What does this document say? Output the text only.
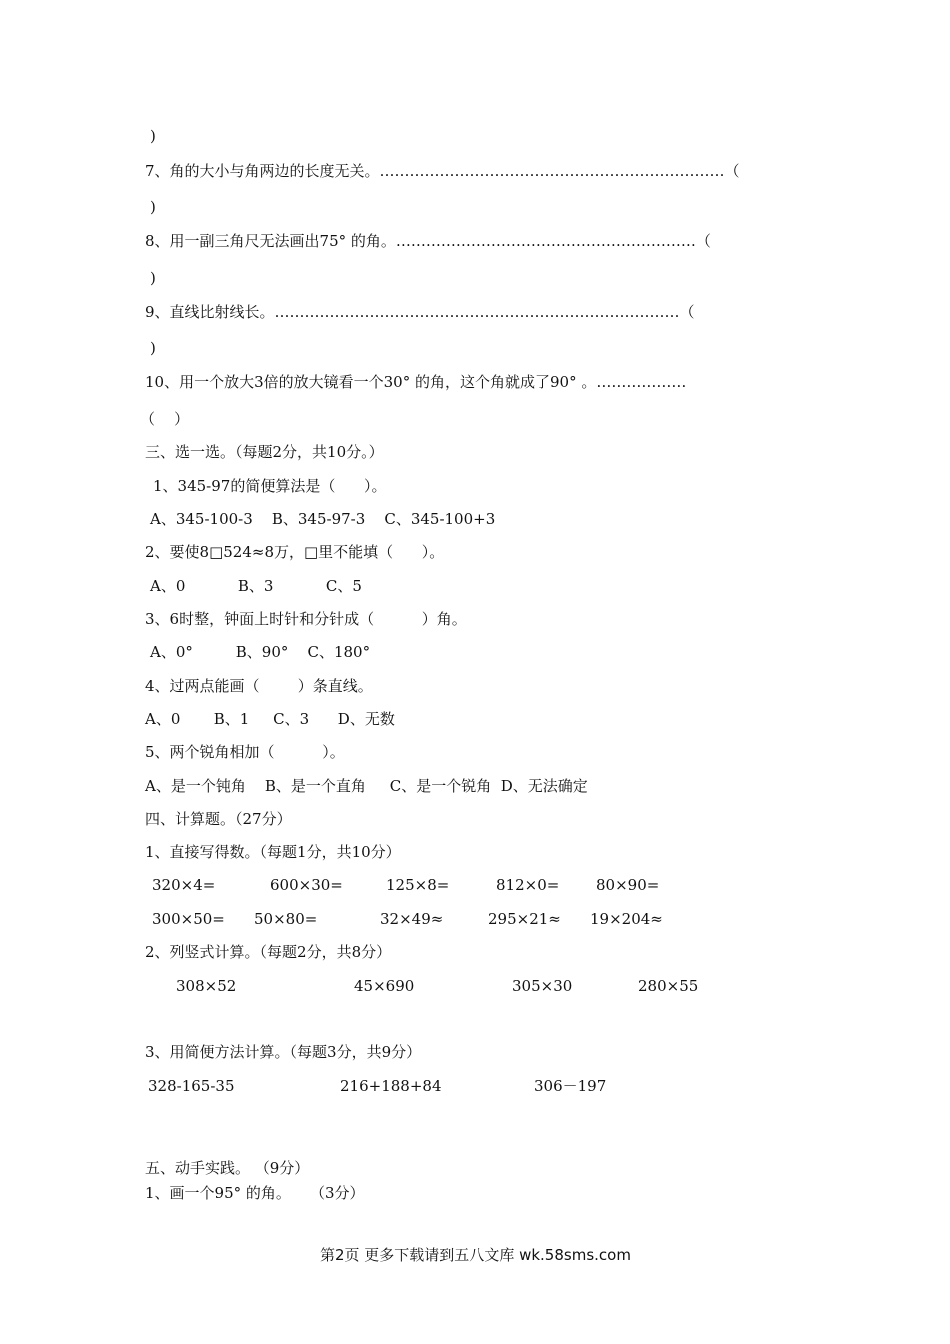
)
7、角的大小与角两边的长度无关。……………………………………………………………（
)
8、用一副三角尺无法画出75° 的角。……………………………………………………（
)
9、直线比射线长。………………………………………………………………………（
)
10、用一个放大3倍的放大镜看一个30° 的角，这个角就成了90° 。………………
（    ）
三、选一选。（每题2分，共10分。）
1、345-97的简便算法是（      ）。
A、345-100-3    B、345-97-3    C、345-100+3
2、要使8□524≈8万，□里不能填（      ）。
A、0           B、3           C、5
3、6时整，钟面上时针和分针成（          ）角。
A、0°         B、90°    C、180°
4、过两点能画（        ）条直线。
A、0       B、1     C、3      D、无数
5、两个锐角相加（          ）。
A、是一个钝角    B、是一个直角     C、是一个锐角  D、无法确定
四、计算题。（27分）
1、直接写得数。（每题1分，共10分）
320×4=	600×30=	125×8=	812×0= 80×90=
300×50= 50×80=	32×49≈	295×21≈ 19×204≈
2、列竖式计算。（每题2分，共8分）
308×52	45×690	305×30	280×55
3、用简便方法计算。（每题3分，共9分）
328-165-35	216+188+84	306－197
五、动手实践。 （9分）
1、画一个95° 的角。    （3分）
第2页 更多下载请到五八文库 wk.58sms.com
